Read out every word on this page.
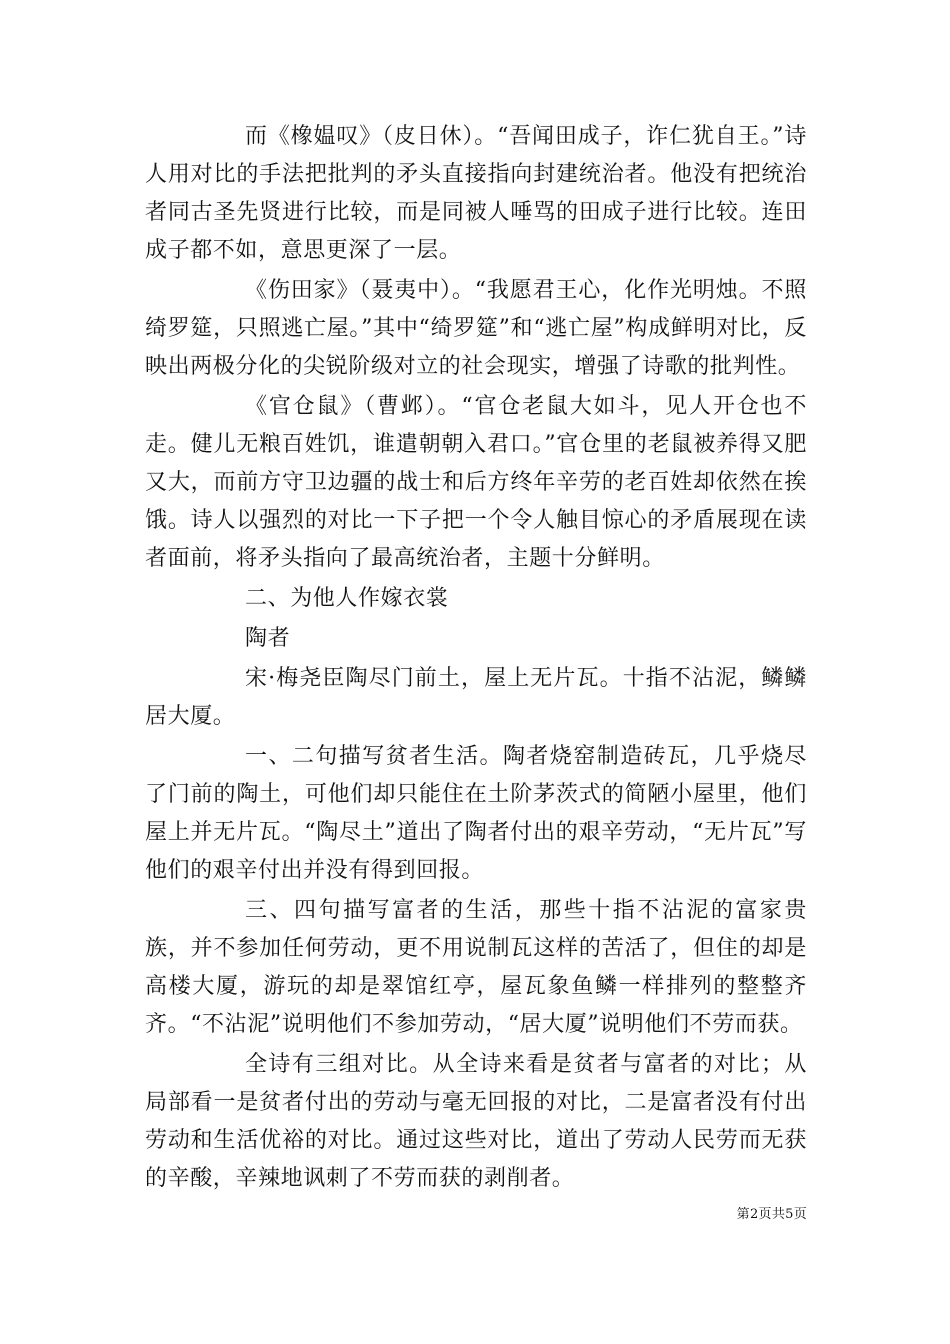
而《橡媪叹》（皮日休）。“吾闻田成子，诈仁犹自王。”诗人用对比的手法把批判的矛头直接指向封建统治者。他没有把统治者同古圣先贤进行比较，而是同被人唾骂的田成子进行比较。连田成子都不如，意思更深了一层。

《伤田家》（聂夷中）。“我愿君王心，化作光明烛。不照绮罗筵，只照逃亡屋。”其中“绮罗筵”和“逃亡屋”构成鲜明对比，反映出两极分化的尖锐阶级对立的社会现实，增强了诗歌的批判性。

《官仓鼠》（曹邺）。“官仓老鼠大如斗，见人开仓也不走。健儿无粮百姓饥，谁遣朝朝入君口。”官仓里的老鼠被养得又肥又大，而前方守卫边疆的战士和后方终年辛劳的老百姓却依然在挨饿。诗人以强烈的对比一下子把一个令人触目惊心的矛盾展现在读者面前，将矛头指向了最高统治者，主题十分鲜明。

二、为他人作嫁衣裳

陶者

宋·梅尧臣陶尽门前土，屋上无片瓦。十指不沾泥，鳞鳞居大厦。

一、二句描写贫者生活。陶者烧窑制造砖瓦，几乎烧尽了门前的陶土，可他们却只能住在土阶茅茨式的简陋小屋里，他们屋上并无片瓦。“陶尽土”道出了陶者付出的艰辛劳动，“无片瓦”写他们的艰辛付出并没有得到回报。

三、四句描写富者的生活，那些十指不沾泥的富家贵族，并不参加任何劳动，更不用说制瓦这样的苦活了，但住的却是高楼大厦，游玩的却是翠馆红亭，屋瓦象鱼鳞一样排列的整整齐齐。“不沾泥”说明他们不参加劳动，“居大厦”说明他们不劳而获。

全诗有三组对比。从全诗来看是贫者与富者的对比；从局部看一是贫者付出的劳动与毫无回报的对比，二是富者没有付出劳动和生活优裕的对比。通过这些对比，道出了劳动人民劳而无获的辛酸，辛辣地讽刺了不劳而获的剥削者。

第2页共5页
